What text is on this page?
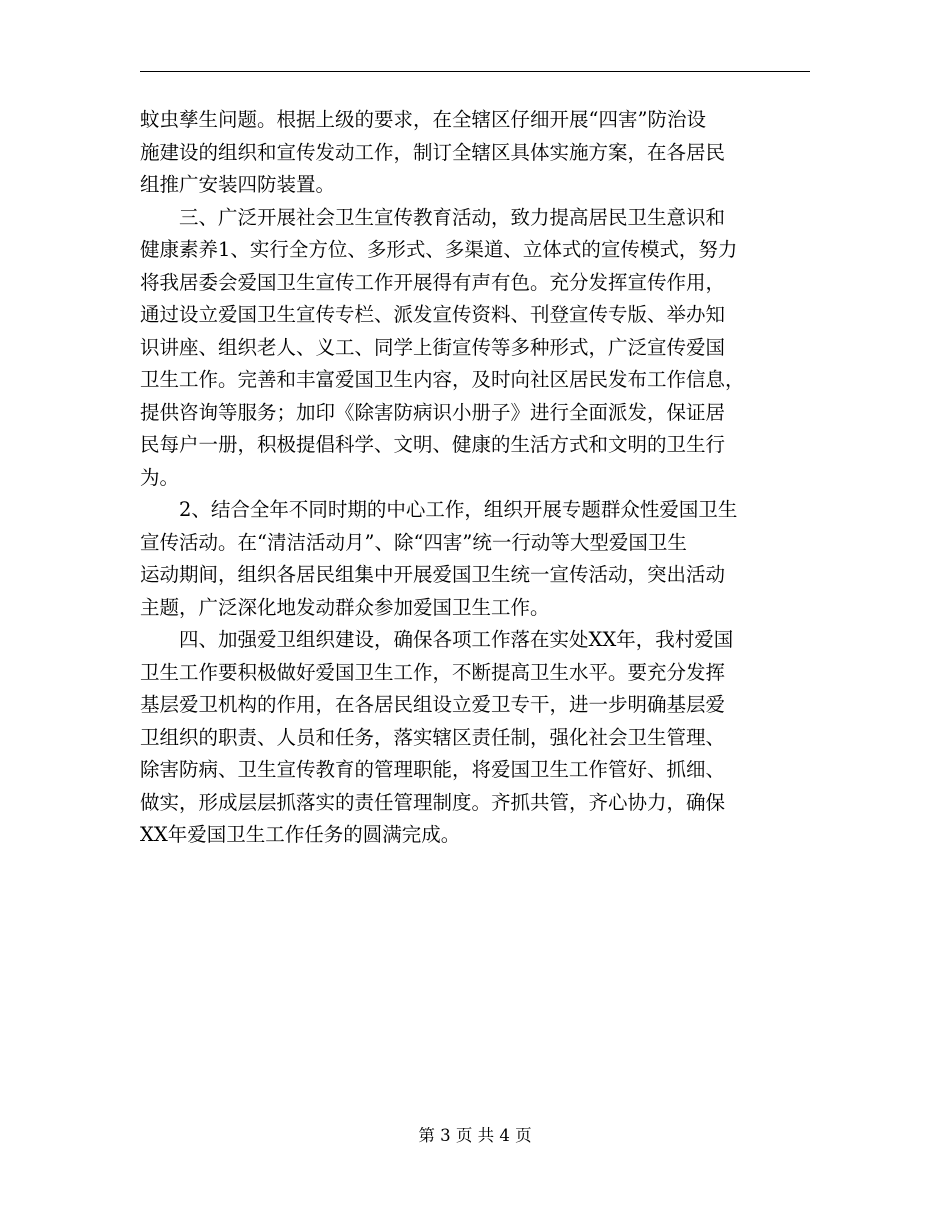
蚊虫孳生问题。根据上级的要求，在全辖区仔细开展“四害”防治设
施建设的组织和宣传发动工作，制订全辖区具体实施方案，在各居民
组推广安装四防装置。
　　三、广泛开展社会卫生宣传教育活动，致力提高居民卫生意识和
健康素养1、实行全方位、多形式、多渠道、立体式的宣传模式，努力
将我居委会爱国卫生宣传工作开展得有声有色。充分发挥宣传作用，
通过设立爱国卫生宣传专栏、派发宣传资料、刊登宣传专版、举办知
识讲座、组织老人、义工、同学上街宣传等多种形式，广泛宣传爱国
卫生工作。完善和丰富爱国卫生内容，及时向社区居民发布工作信息，
提供咨询等服务；加印《除害防病识小册子》进行全面派发，保证居
民每户一册，积极提倡科学、文明、健康的生活方式和文明的卫生行
为。
　　2、结合全年不同时期的中心工作，组织开展专题群众性爱国卫生
宣传活动。在“清洁活动月”、除“四害”统一行动等大型爱国卫生
运动期间，组织各居民组集中开展爱国卫生统一宣传活动，突出活动
主题，广泛深化地发动群众参加爱国卫生工作。
　　四、加强爱卫组织建设，确保各项工作落在实处XX年，我村爱国
卫生工作要积极做好爱国卫生工作，不断提高卫生水平。要充分发挥
基层爱卫机构的作用，在各居民组设立爱卫专干，进一步明确基层爱
卫组织的职责、人员和任务，落实辖区责任制，强化社会卫生管理、
除害防病、卫生宣传教育的管理职能，将爱国卫生工作管好、抓细、
做实，形成层层抓落实的责任管理制度。齐抓共管，齐心协力，确保
XX年爱国卫生工作任务的圆满完成。
第 3 页 共 4 页
